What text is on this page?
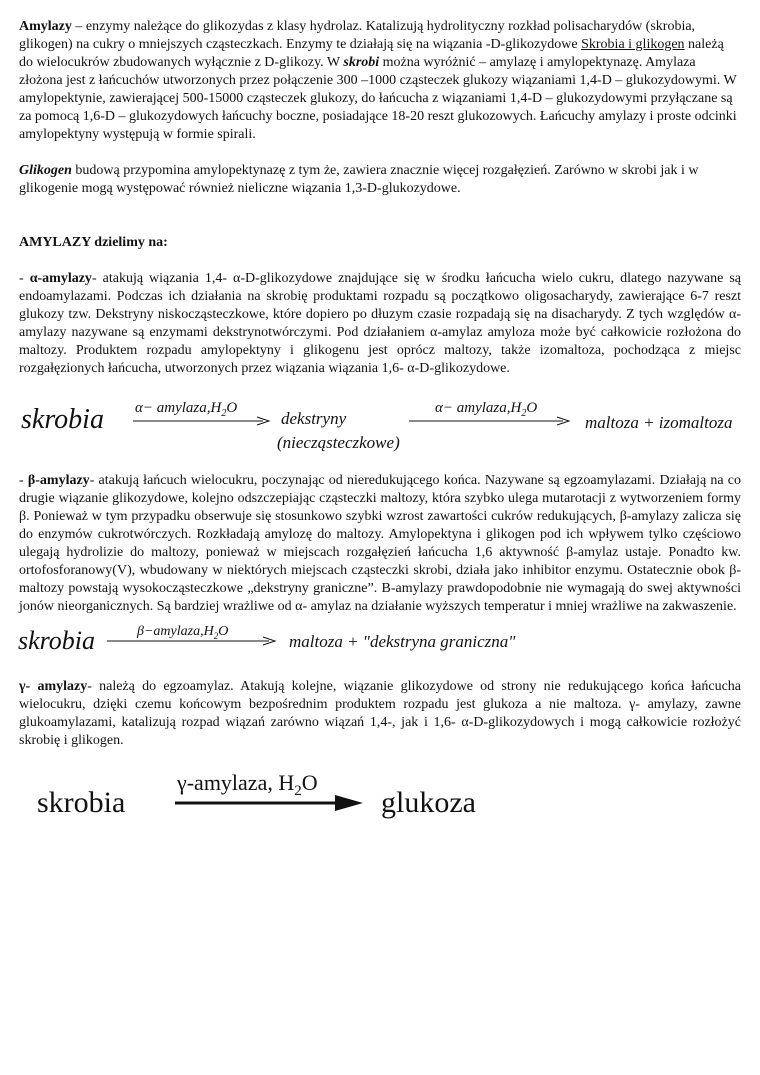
Amylazy – enzymy należące do glikozydas z klasy hydrolaz. Katalizują hydrolityczny rozkład polisacharydów (skrobia, glikogen) na cukry o mniejszych cząsteczkach. Enzymy te działają się na wiązania -D-glikozydowe Skrobia i glikogen należą do wielocukrów zbudowanych wyłącznie z D-glikozy. W skrobi można wyróżnić – amylazę i amylopektynazę. Amylaza złożona jest z łańcuchów utworzonych przez połączenie 300 –1000 cząsteczek glukozy wiązaniami 1,4-D – glukozydowymi. W amylopektynie, zawierającej 500-15000 cząsteczek glukozy, do łańcucha z wiązaniami 1,4-D – glukozydowymi przyłączane są za pomocą 1,6-D – glukozydowych łańcuchy boczne, posiadające 18-20 reszt glukozowych. Łańcuchy amylazy i proste odcinki amylopektyny występują w formie spirali.

Glikogen budową przypomina amylopektynazę z tym że, zawiera znacznie więcej rozgałęzień. Zarówno w skrobi jak i w glikogenie mogą występować również nieliczne wiązania 1,3-D-glukozydowe.

AMYLAZY dzielimy na:

- α-amylazy- atakują wiązania 1,4- α-D-glikozydowe znajdujące się w środku łańcucha wielo cukru, dlatego nazywane są endoamylazami. Podczas ich działania na skrobię produktami rozpadu są początkowo oligosacharydy, zawierające 6-7 reszt glukozy tzw. Dekstryny niskocząsteczkowe, które dopiero po dłuzym czasie rozpadają się na disacharydy. Z tych względów α-amylazy nazywane są enzymami dekstrynotwórczymi. Pod działaniem α-amylaz amyloza może być całkowicie rozłożona do maltozy. Produktem rozpadu amylopektyny i glikogenu jest oprócz maltozy, także izomaltoza, pochodząca z miejsc rozgałęzionych łańcucha, utworzonych przez wiązania wiązania 1,6- α-D-glikozydowe.

skrobia $\alpha- amylaza,H_2O$
dekstryny
(niecząsteczkowe)
$\alpha- amylaza,H_2O$
maltoza + izomaltoza

- β-amylazy- atakują łańcuch wielocukru, poczynając od nieredukującego końca. Nazywane są egzoamylazami. Działają na co drugie wiązanie glikozydowe, kolejno odszczepiając cząsteczki maltozy, która szybko ulega mutarotacji z wytworzeniem formy β. Ponieważ w tym przypadku obserwuje się stosunkowo szybki wzrost zawartości cukrów redukujących, β-amylazy zalicza się do enzymów cukrotwórczych. Rozkładają amylozę do maltozy. Amylopektyna i glikogen pod ich wpływem tylko częściowo ulegają hydrolizie do maltozy, ponieważ w miejscach rozgałęzień łańcucha 1,6 aktywność β-amylaz ustaje. Ponadto kw. ortofosforanowy(V), wbudowany w niektórych miejscach cząsteczki skrobi, działa jako inhibitor enzymu. Ostatecznie obok β-maltozy powstają wysokocząsteczkowe „dekstryny graniczne”. B-amylazy prawdopodobnie nie wymagają do swej aktywności jonów nieorganicznych. Są bardziej wrażliwe od α- amylaz na działanie wyższych temperatur i mniej wrażliwe na zakwaszenie.

skrobia	$\beta-amylaza,H_2O$
maltoza + "dekstryna graniczna"

γ- amylazy- należą do egzoamylaz. Atakują kolejne, wiązanie glikozydowe od strony nie redukującego końca łańcucha wielocukru, dzięki czemu końcowym bezpośrednim produktem rozpadu jest glukoza a nie maltoza. γ- amylazy, zawne glukoamylazami, katalizują rozpad wiązań zarówno wiązań 1,4-, jak i 1,6- α-D-glikozydowych i mogą całkowicie rozłożyć skrobię i glikogen.

skrobia
γ-amylaza, $H_2O$
glukoza
